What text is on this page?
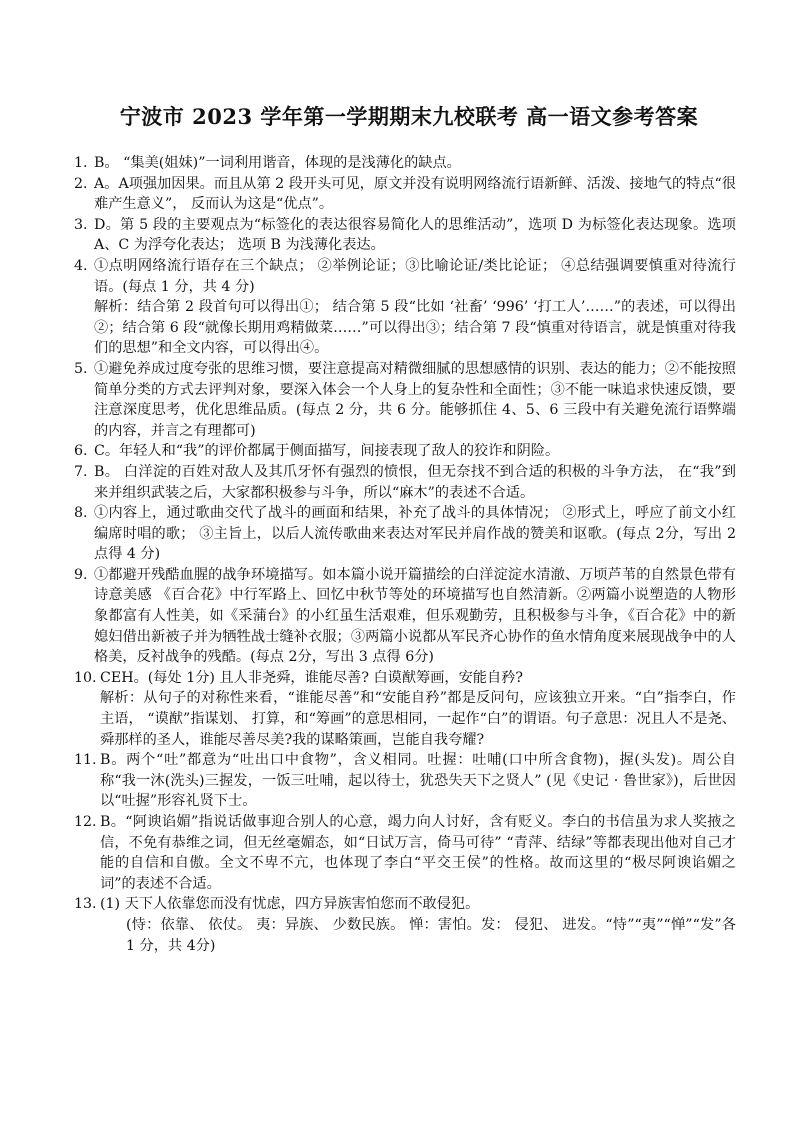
宁波市 2023 学年第一学期期末九校联考 高一语文参考答案
1. B。 “集美(姐妹)”一词利用谐音，体现的是浅薄化的缺点。

2. A。A项强加因果。而且从第 2 段开头可见，原文并没有说明网络流行语新鲜、活泼、接地气的特点“很难产生意义”， 反而认为这是“优点”。

3. D。第 5 段的主要观点为“标签化的表达很容易简化人的思维活动”，选项 D 为标签化表达现象。选项 A、C 为浮夸化表达； 选项 B 为浅薄化表达。

4. ①点明网络流行语存在三个缺点； ②举例论证；③比喻论证/类比论证； ④总结强调要慎重对待流行语。(每点 1 分，共 4 分)

解析：结合第 2 段首句可以得出①； 结合第 5 段“比如 ‘社畜’ ‘996’ ‘打工人’……”的表述，可以得出②；结合第 6 段“就像长期用鸡精做菜……”可以得出③；结合第 7 段“慎重对待语言，就是慎重对待我们的思想”和全文内容，可以得出④。

5. ①避免养成过度夸张的思维习惯，要注意提高对精微细腻的思想感情的识别、表达的能力；②不能按照简单分类的方式去评判对象，要深入体会一个人身上的复杂性和全面性；③不能一味追求快速反馈，要注意深度思考，优化思维品质。(每点 2 分，共 6 分。能够抓住 4、5、6 三段中有关避免流行语弊端的内容，并言之有理都可)

6. C。年轻人和“我”的评价都属于侧面描写，间接表现了敌人的狡诈和阴险。

7. B。 白洋淀的百姓对敌人及其爪牙怀有强烈的愤恨，但无奈找不到合适的积极的斗争方法， 在“我”到来并组织武装之后，大家都积极参与斗争，所以“麻木”的表述不合适。

8. ①内容上，通过歌曲交代了战斗的画面和结果，补充了战斗的具体情况； ②形式上，呼应了前文小红编席时唱的歌； ③主旨上，以后人流传歌曲来表达对军民并肩作战的赞美和讴歌。(每点 2分，写出 2 点得 4 分)

9. ①都避开残酷血腥的战争环境描写。如本篇小说开篇描绘的白洋淀淀水清澈、万顷芦苇的自然景色带有诗意美感 《百合花》中行军路上、回忆中秋节等处的环境描写也自然清新。②两篇小说塑造的人物形象都富有人性美，如《采蒲台》的小红虽生活艰难，但乐观勤劳，且积极参与斗争，《百合花》中的新媳妇借出新被子并为牺牲战士缝补衣服；③两篇小说都从军民齐心协作的鱼水情角度来展现战争中的人格美，反衬战争的残酷。(每点 2分，写出 3 点得 6分)

10. CEH。(每处 1分) 且人非尧舜，谁能尽善? 白谟猷筹画，安能自矜?

解析：从句子的对称性来看，“谁能尽善”和“安能自矜”都是反问句，应该独立开来。“白”指李白，作主语， “谟猷”指谋划、 打算，和“筹画”的意思相同，一起作“白”的谓语。句子意思：况且人不是尧、舜那样的圣人，谁能尽善尽美?我的谋略策画，岂能自我夸耀?

11. B。两个“吐”都意为“吐出口中食物”，含义相同。吐握：吐哺(口中所含食物)，握(头发)。周公自称“我一沐(洗头)三握发，一饭三吐哺，起以待士，犹恐失天下之贤人” (见《史记 · 鲁世家》)，后世因以“吐握”形容礼贤下士。

12. B。“阿谀谄媚”指说话做事迎合别人的心意，竭力向人讨好，含有贬义。李白的书信虽为求人奖掖之信，不免有恭维之词，但无丝毫媚态，如“日试万言，倚马可待” “青萍、结绿”等都表现出他对自己才能的自信和自傲。全文不卑不亢，也体现了李白“平交王侯”的性格。故而这里的“极尽阿谀谄媚之词”的表述不合适。

13. (1) 天下人依靠您而没有忧虑，四方异族害怕您而不敢侵犯。

(恃：依靠、 依仗。 夷：异族、 少数民族。 惮：害怕。发： 侵犯、 进发。“恃”“夷”“惮”“发”各 1 分，共 4分)
